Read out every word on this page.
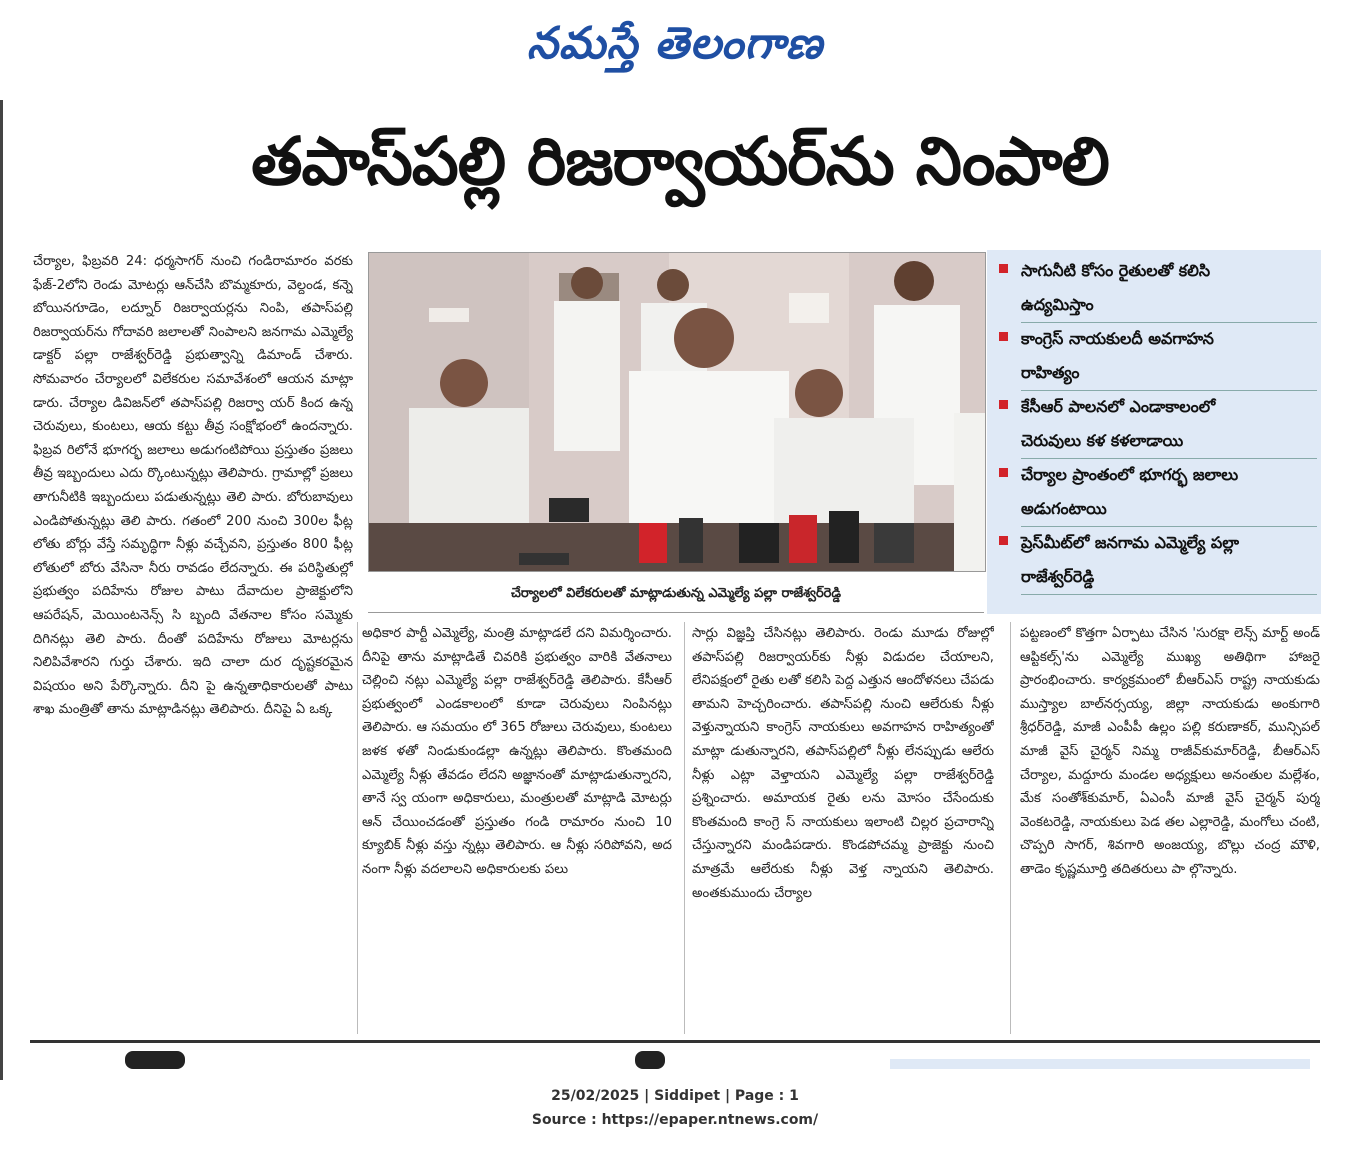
నమస్తే తెలంగాణ
తపాస్‌పల్లి రిజర్వాయర్‌ను నింపాలి

చేర్యాల, ఫిబ్రవరి 24: ధర్మసాగర్ నుంచి గండిరామారం వరకు ఫేజ్-2లోని రెండు మోటర్లు ఆన్‌చేసి బొమ్మకూరు, వెల్దండ, కన్నె బోయినగూడెం, లద్నూర్ రిజర్వాయర్లను నింపి, తపాస్‌పల్లి రిజర్వాయర్‌ను గోదావరి జలాలతో నింపాలని జనగామ ఎమ్మెల్యే డాక్టర్ పల్లా రాజేశ్వర్‌రెడ్డి ప్రభుత్వాన్ని డిమాండ్ చేశారు. సోమవారం చేర్యాలలో విలేకరుల సమావేశంలో ఆయన మాట్లా డారు. చేర్యాల డివిజన్‌లో తపాస్‌పల్లి రిజర్వా యర్ కింద ఉన్న చెరువులు, కుంటలు, ఆయ కట్టు తీవ్ర సంక్షోభంలో ఉందన్నారు. ఫిబ్రవ రిలోనే భూగర్భ జలాలు అడుగంటిపోయి ప్రస్తుతం ప్రజలు తీవ్ర ఇబ్బందులు ఎదు ర్కొంటున్నట్లు తెలిపారు. గ్రామాల్లో ప్రజలు తాగునీటికి ఇబ్బందులు పడుతున్నట్లు తెలి పారు. బోరుబావులు ఎండిపోతున్నట్లు తెలి పారు. గతంలో 200 నుంచి 300ల ఫీట్ల లోతు బోర్లు వేస్తే సమృద్ధిగా నీళ్లు వచ్చేవని, ప్రస్తుతం 800 ఫీట్ల లోతులో బోరు వేసినా నీరు రావడం లేదన్నారు. ఈ పరిస్థితుల్లో ప్రభుత్వం పదిహేను రోజుల పాటు దేవాదుల ప్రాజెక్టులోని ఆపరేషన్, మెయింటనెన్స్ సి బ్బంది వేతనాల కోసం సమ్మెకు దిగినట్లు తెలి పారు. దీంతో పదిహేను రోజులు మోటర్లను నిలిపివేశారని గుర్తు చేశారు. ఇది చాలా దుర దృష్టకరమైన విషయం అని పేర్కొన్నారు. దీని పై ఉన్నతాధికారులతో పాటు శాఖ మంత్రితో తాను మాట్లాడినట్లు తెలిపారు. దీనిపై ఏ ఒక్క

చేర్యాలలో విలేకరులతో మాట్లాడుతున్న ఎమ్మెల్యే పల్లా రాజేశ్వర్‌రెడ్డి

అధికార పార్టీ ఎమ్మెల్యే, మంత్రి మాట్లాడలే దని విమర్శించారు. దీనిపై తాను మాట్లాడితే చివరికి ప్రభుత్వం వారికి వేతనాలు చెల్లించి నట్లు ఎమ్మెల్యే పల్లా రాజేశ్వర్‌రెడ్డి తెలిపారు. కేసీఆర్ ప్రభుత్వంలో ఎండకాలంలో కూడా చెరువులు నింపినట్లు తెలిపారు. ఆ సమయం లో 365 రోజులు చెరువులు, కుంటలు జళక ళతో నిండుకుండల్లా ఉన్నట్లు తెలిపారు. కొంతమంది ఎమ్మెల్యే నీళ్లు తేవడం లేదని అజ్ఞానంతో మాట్లాడుతున్నారని, తానే స్వ యంగా అధికారులు, మంత్రులతో మాట్లాడి మోటర్లు ఆన్ చేయించడంతో ప్రస్తుతం గండి రామారం నుంచి 10 క్యూబిక్ నీళ్లు వస్తు న్నట్లు తెలిపారు. ఆ నీళ్లు సరిపోవని, అద నంగా నీళ్లు వదలాలని అధికారులకు పలు

సార్లు విజ్ఞప్తి చేసినట్లు తెలిపారు. రెండు మూడు రోజుల్లో తపాస్‌పల్లి రిజర్వాయర్‌కు నీళ్లు విడుదల చేయాలని, లేనిపక్షంలో రైతు లతో కలిసి పెద్ద ఎత్తున ఆందోళనలు చేపడు తామని హెచ్చరించారు. తపాస్‌పల్లి నుంచి ఆలేరుకు నీళ్లు వెళ్తున్నాయని కాంగ్రెస్ నాయకులు అవగాహన రాహిత్యంతో మాట్లా డుతున్నారని, తపాస్‌పల్లిలో నీళ్లు లేనప్పుడు ఆలేరు నీళ్లు ఎట్లా వెళ్తాయని ఎమ్మెల్యే పల్లా రాజేశ్వర్‌రెడ్డి ప్రశ్నించారు. అమాయక రైతు లను మోసం చేసేందుకు కొంతమంది కాంగ్రె స్ నాయకులు ఇలాంటి చిల్లర ప్రచారాన్ని చేస్తున్నారని మండిపడారు. కొండపోచమ్మ ప్రాజెక్టు నుంచి మాత్రమే ఆలేరుకు నీళ్లు వెళ్త న్నాయని తెలిపారు. అంతకుముందు చేర్యాల

పట్టణంలో కొత్తగా ఏర్పాటు చేసిన 'సురక్షా లెన్స్ మార్ట్ అండ్ ఆప్టికల్స్'ను ఎమ్మెల్యే ముఖ్య అతిథిగా హాజరై ప్రారంభించారు. కార్యక్రమంలో బీఆర్ఎస్ రాష్ట్ర నాయకుడు ముస్త్యాల బాల్‌నర్సయ్య, జిల్లా నాయకుడు అంకుగారి శ్రీధర్‌రెడ్డి, మాజీ ఎంపీపీ ఉల్లం పల్లి కరుణాకర్, మున్సిపల్ మాజీ వైస్ చైర్మన్ నిమ్మ రాజీవ్‌కుమార్‌రెడ్డి, బీఆర్ఎస్ చేర్యాల, మద్దూరు మండల అధ్యక్షులు అనంతుల మల్లేశం, మేక సంతోశ్‌కుమార్, ఏఎంసీ మాజీ వైస్ చైర్మన్ పుర్మ వెంకటరెడ్డి, నాయకులు పెడ తల ఎల్లారెడ్డి, మంగోలు చంటి, చొప్పరి సాగర్, శివగారి అంజయ్య, బొల్లు చంద్ర మౌళి, తాడెం కృష్ణమూర్తి తదితరులు పా ల్గొన్నారు.

సాగునీటి కోసం రైతులతో కలిసి
ఉద్యమిస్తాం
కాంగ్రెస్ నాయకులదీ అవగాహన
రాహిత్యం
కేసీఆర్ పాలనలో ఎండాకాలంలో
చెరువులు కళ కళలాడాయి
చేర్యాల ప్రాంతంలో భూగర్భ జలాలు
అడుగంటాయి
ప్రెస్‌మీట్‌లో జనగామ ఎమ్మెల్యే పల్లా
రాజేశ్వర్‌రెడ్డి
25/02/2025 | Siddipet | Page : 1
Source : https://epaper.ntnews.com/
